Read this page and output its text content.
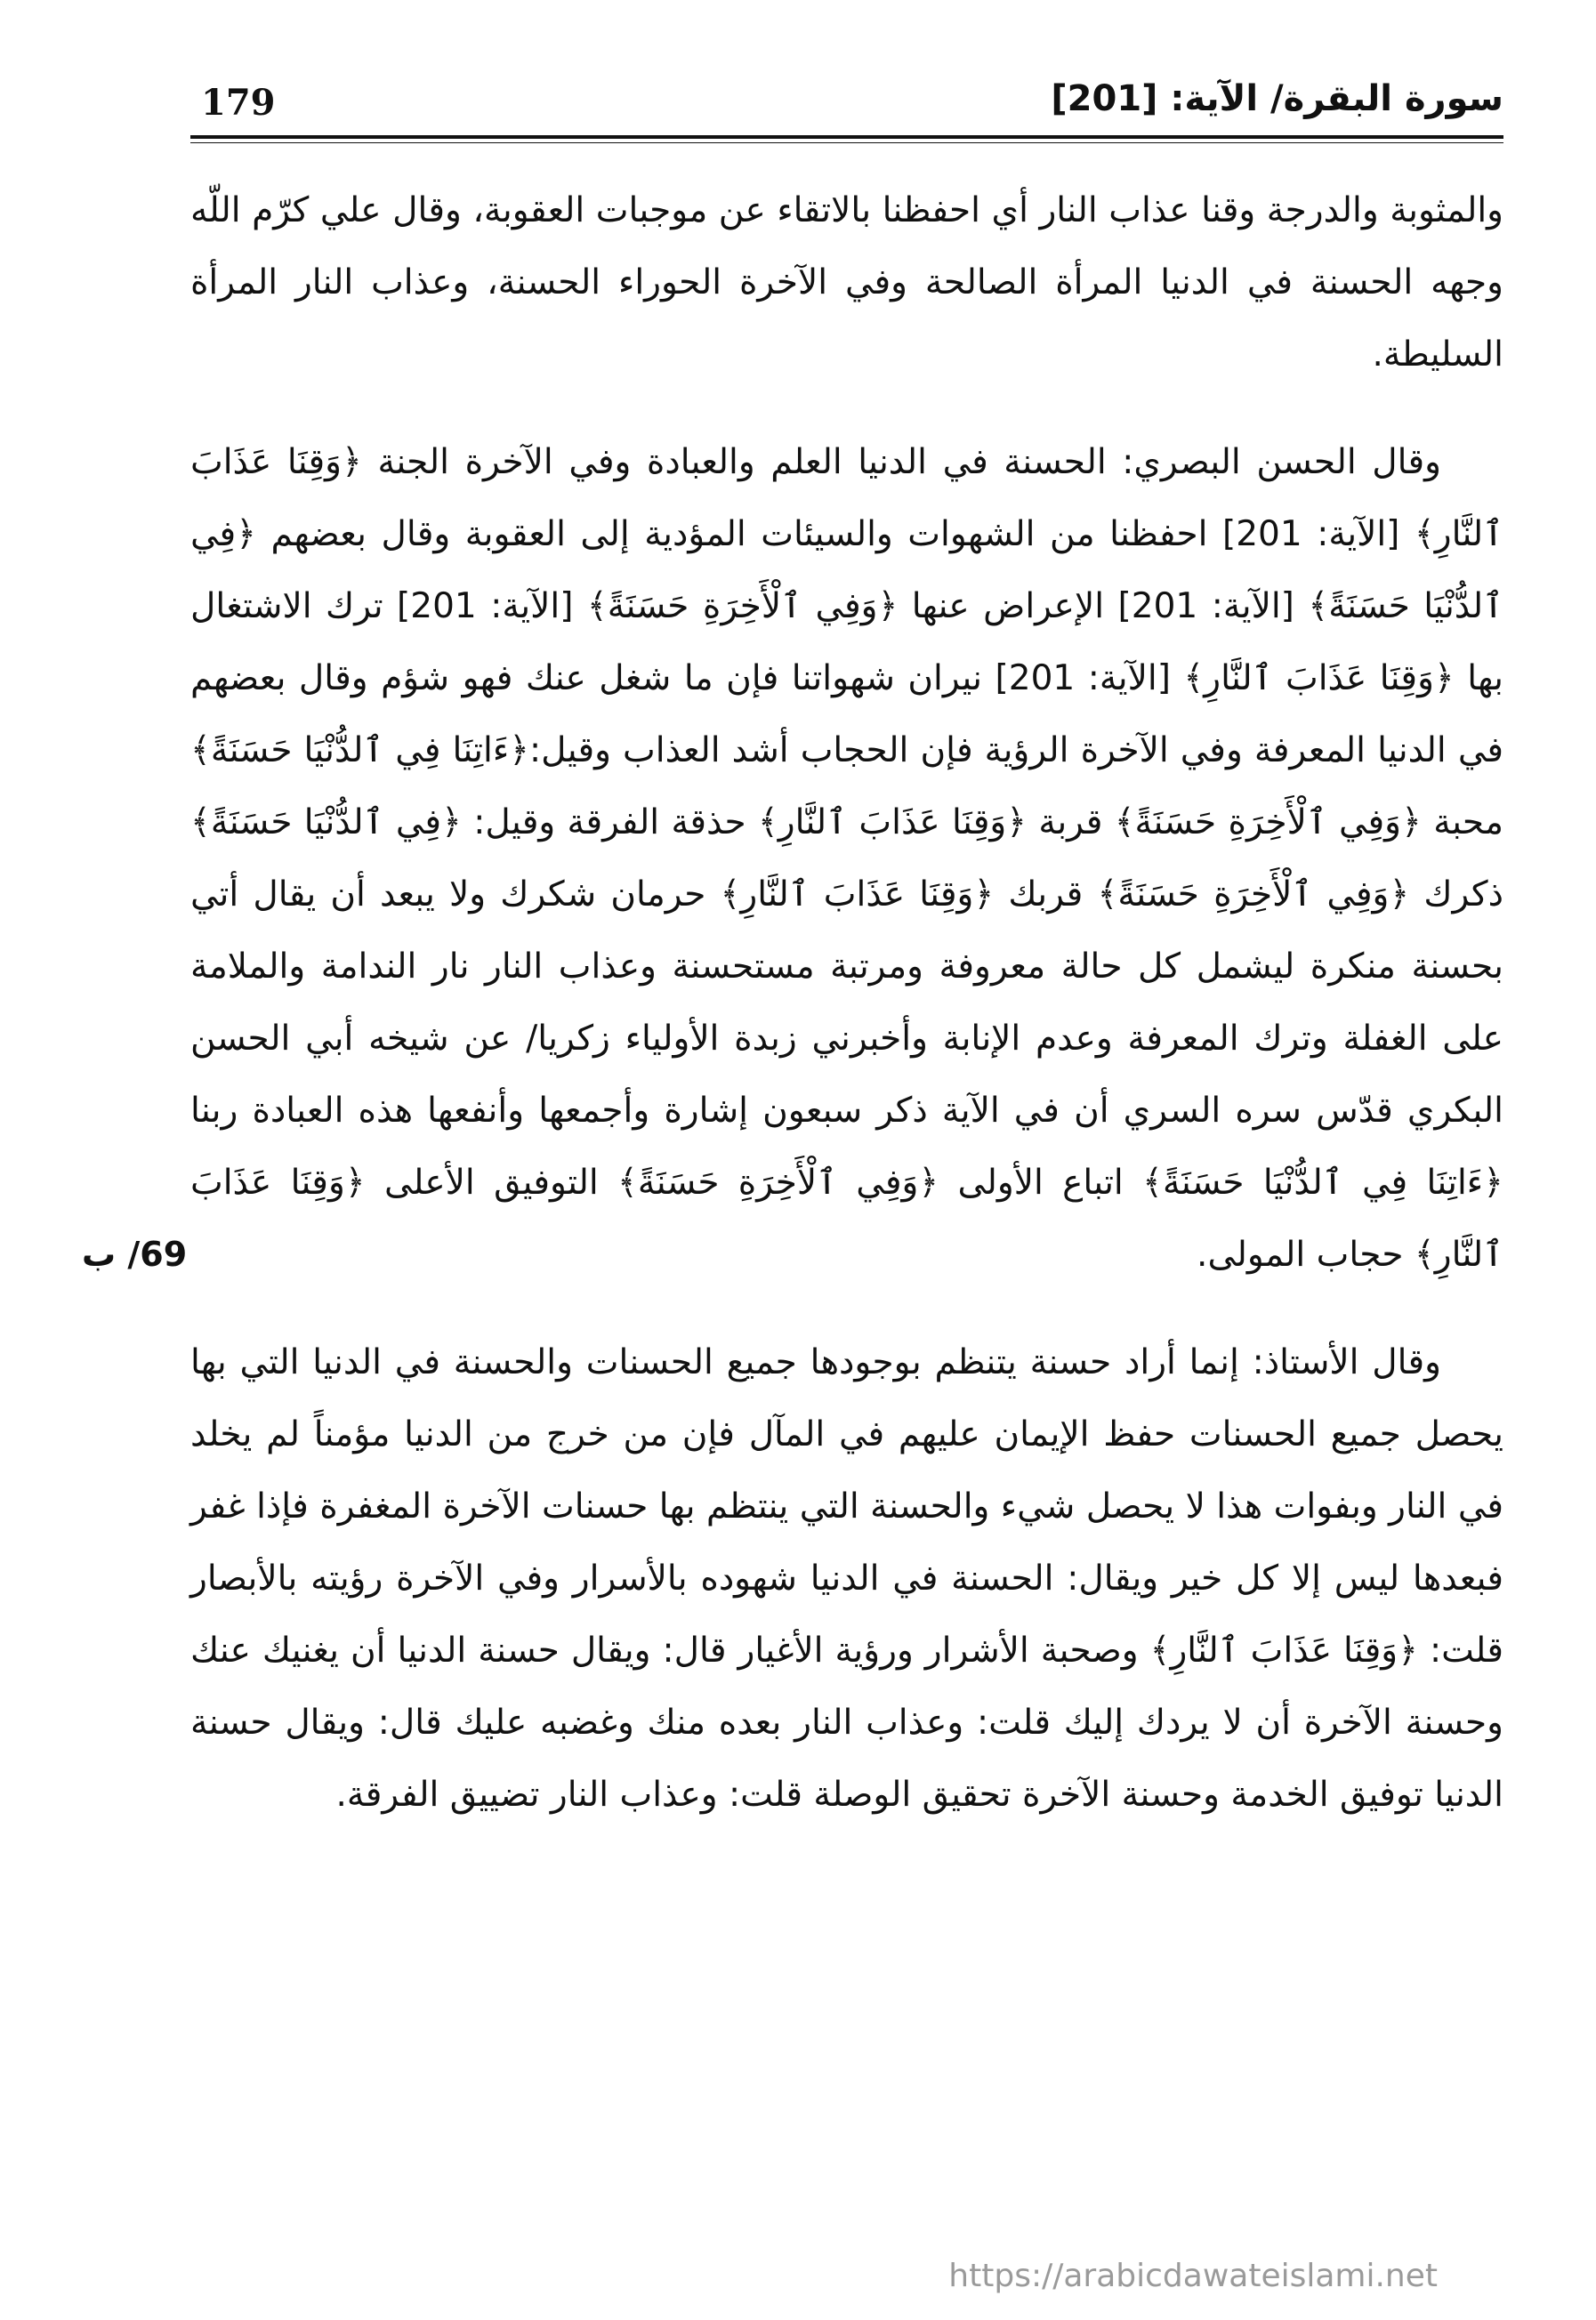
179	سورة البقرة/ الآية: [201]

والمثوبة والدرجة وقنا عذاب النار أي احفظنا بالاتقاء عن موجبات العقوبة، وقال علي كرّم اللّه وجهه الحسنة في الدنيا المرأة الصالحة وفي الآخرة الحوراء الحسنة، وعذاب النار المرأة السليطة.

وقال الحسن البصري: الحسنة في الدنيا العلم والعبادة وفي الآخرة الجنة ﴿وَقِنَا عَذَابَ ٱلنَّارِ﴾ [الآية: 201] احفظنا من الشهوات والسيئات المؤدية إلى العقوبة وقال بعضهم ﴿فِي ٱلدُّنْيَا حَسَنَةً﴾ [الآية: 201] الإعراض عنها ﴿وَفِي ٱلْأَخِرَةِ حَسَنَةً﴾ [الآية: 201] ترك الاشتغال بها ﴿وَقِنَا عَذَابَ ٱلنَّارِ﴾ [الآية: 201] نيران شهواتنا فإن ما شغل عنك فهو شؤم وقال بعضهم في الدنيا المعرفة وفي الآخرة الرؤية فإن الحجاب أشد العذاب وقيل:﴿ءَاتِنَا فِي ٱلدُّنْيَا حَسَنَةً﴾ محبة ﴿وَفِي ٱلْأَخِرَةِ حَسَنَةً﴾ قربة ﴿وَقِنَا عَذَابَ ٱلنَّارِ﴾ حذقة الفرقة وقيل: ﴿فِي ٱلدُّنْيَا حَسَنَةً﴾ ذكرك ﴿وَفِي ٱلْأَخِرَةِ حَسَنَةً﴾ قربك ﴿وَقِنَا عَذَابَ ٱلنَّارِ﴾ حرمان شكرك ولا يبعد أن يقال أتي بحسنة منكرة ليشمل كل حالة معروفة ومرتبة مستحسنة وعذاب النار نار الندامة والملامة على الغفلة وترك المعرفة وعدم الإنابة وأخبرني زبدة الأولياء زكريا/ عن شيخه أبي الحسن البكري قدّس سره السري أن في الآية ذكر سبعون إشارة وأجمعها وأنفعها هذه العبادة ربنا ﴿ءَاتِنَا فِي ٱلدُّنْيَا حَسَنَةً﴾ اتباع الأولى ﴿وَفِي ٱلْأَخِرَةِ حَسَنَةً﴾ التوفيق الأعلى ﴿وَقِنَا عَذَابَ ٱلنَّارِ﴾ حجاب المولى.

وقال الأستاذ: إنما أراد حسنة يتنظم بوجودها جميع الحسنات والحسنة في الدنيا التي بها يحصل جميع الحسنات حفظ الإيمان عليهم في المآل فإن من خرج من الدنيا مؤمناً لم يخلد في النار وبفوات هذا لا يحصل شيء والحسنة التي ينتظم بها حسنات الآخرة المغفرة فإذا غفر فبعدها ليس إلا كل خير ويقال: الحسنة في الدنيا شهوده بالأسرار وفي الآخرة رؤيته بالأبصار قلت: ﴿وَقِنَا عَذَابَ ٱلنَّارِ﴾ وصحبة الأشرار ورؤية الأغيار قال: ويقال حسنة الدنيا أن يغنيك عنك وحسنة الآخرة أن لا يردك إليك قلت: وعذاب النار بعده منك وغضبه عليك قال: ويقال حسنة الدنيا توفيق الخدمة وحسنة الآخرة تحقيق الوصلة قلت: وعذاب النار تضييق الفرقة.

69/ ب
https://arabicdawateislami.net
